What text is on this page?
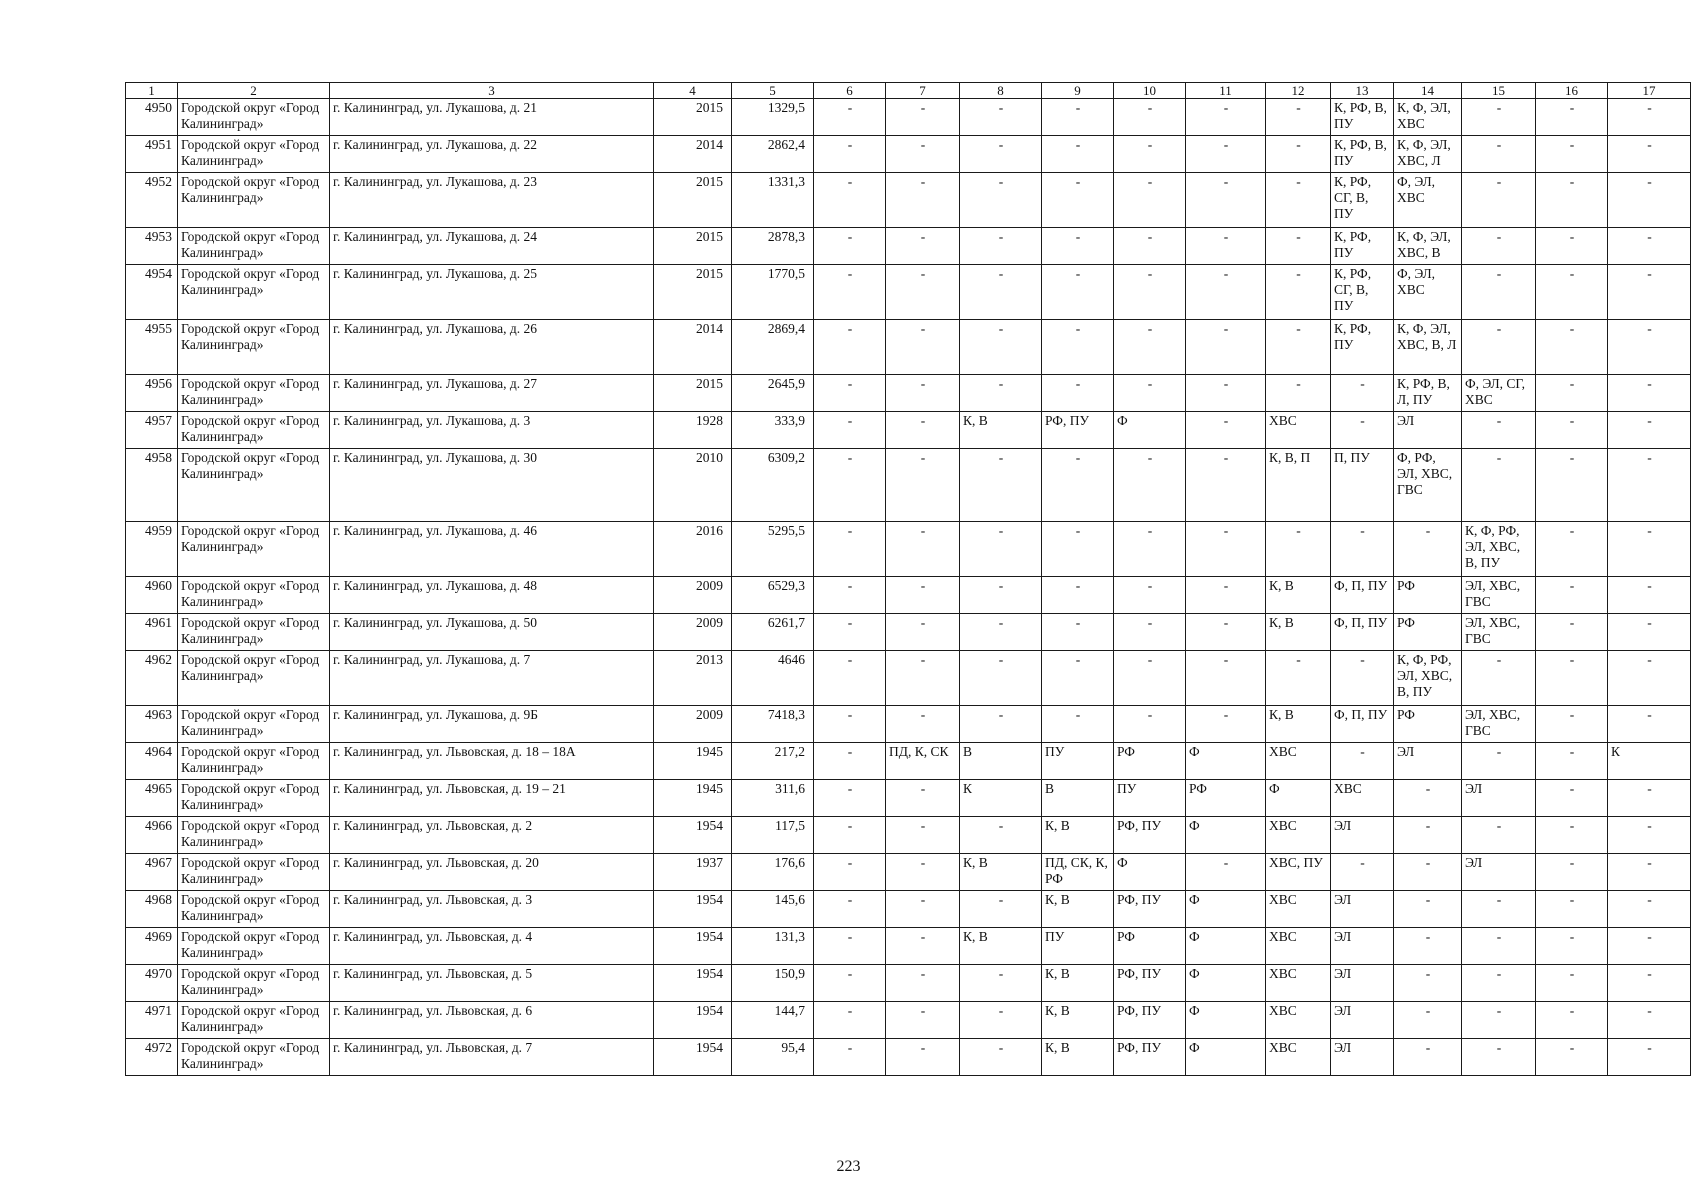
1	2	3	4	5	6	7	8	9	10	11	12	13	14	15	16	17
4950	Городской округ «Город Калининград»	г. Калининград, ул. Лукашова, д. 21	2015	1329,5	-	-	-	-	-	-	-	К, РФ, В, ПУ	К, Ф, ЭЛ, ХВС	-	-	-
4951	Городской округ «Город Калининград»	г. Калининград, ул. Лукашова, д. 22	2014	2862,4	-	-	-	-	-	-	-	К, РФ, В, ПУ	К, Ф, ЭЛ, ХВС, Л	-	-	-
4952	Городской округ «Город Калининград»	г. Калининград, ул. Лукашова, д. 23	2015	1331,3	-	-	-	-	-	-	-	К, РФ, СГ, В, ПУ	Ф, ЭЛ, ХВС	-	-	-
4953	Городской округ «Город Калининград»	г. Калининград, ул. Лукашова, д. 24	2015	2878,3	-	-	-	-	-	-	-	К, РФ, ПУ	К, Ф, ЭЛ, ХВС, В	-	-	-
4954	Городской округ «Город Калининград»	г. Калининград, ул. Лукашова, д. 25	2015	1770,5	-	-	-	-	-	-	-	К, РФ, СГ, В, ПУ	Ф, ЭЛ, ХВС	-	-	-
4955	Городской округ «Город Калининград»	г. Калининград, ул. Лукашова, д. 26	2014	2869,4	-	-	-	-	-	-	-	К, РФ, ПУ	К, Ф, ЭЛ, ХВС, В, Л	-	-	-
4956	Городской округ «Город Калининград»	г. Калининград, ул. Лукашова, д. 27	2015	2645,9	-	-	-	-	-	-	-	-	К, РФ, В, Л, ПУ	Ф, ЭЛ, СГ, ХВС	-	-
4957	Городской округ «Город Калининград»	г. Калининград, ул. Лукашова, д. 3	1928	333,9	-	-	К, В	РФ, ПУ	Ф	-	ХВС	-	ЭЛ	-	-	-
4958	Городской округ «Город Калининград»	г. Калининград, ул. Лукашова, д. 30	2010	6309,2	-	-	-	-	-	-	К, В, П	П, ПУ	Ф, РФ, ЭЛ, ХВС, ГВС	-	-	-
4959	Городской округ «Город Калининград»	г. Калининград, ул. Лукашова, д. 46	2016	5295,5	-	-	-	-	-	-	-	-	-	К, Ф, РФ, ЭЛ, ХВС, В, ПУ	-	-
4960	Городской округ «Город Калининград»	г. Калининград, ул. Лукашова, д. 48	2009	6529,3	-	-	-	-	-	-	К, В	Ф, П, ПУ	РФ	ЭЛ, ХВС, ГВС	-	-
4961	Городской округ «Город Калининград»	г. Калининград, ул. Лукашова, д. 50	2009	6261,7	-	-	-	-	-	-	К, В	Ф, П, ПУ	РФ	ЭЛ, ХВС, ГВС	-	-
4962	Городской округ «Город Калининград»	г. Калининград, ул. Лукашова, д. 7	2013	4646	-	-	-	-	-	-	-	-	К, Ф, РФ, ЭЛ, ХВС, В, ПУ	-	-	-
4963	Городской округ «Город Калининград»	г. Калининград, ул. Лукашова, д. 9Б	2009	7418,3	-	-	-	-	-	-	К, В	Ф, П, ПУ	РФ	ЭЛ, ХВС, ГВС	-	-
4964	Городской округ «Город Калининград»	г. Калининград, ул. Львовская, д. 18 – 18А	1945	217,2	-	ПД, К, СК	В	ПУ	РФ	Ф	ХВС	-	ЭЛ	-	-	К
4965	Городской округ «Город Калининград»	г. Калининград, ул. Львовская, д. 19 – 21	1945	311,6	-	-	К	В	ПУ	РФ	Ф	ХВС	-	ЭЛ	-	-
4966	Городской округ «Город Калининград»	г. Калининград, ул. Львовская, д. 2	1954	117,5	-	-	-	К, В	РФ, ПУ	Ф	ХВС	ЭЛ	-	-	-	-
4967	Городской округ «Город Калининград»	г. Калининград, ул. Львовская, д. 20	1937	176,6	-	-	К, В	ПД, СК, К, РФ	Ф	-	ХВС, ПУ	-	-	ЭЛ	-	-
4968	Городской округ «Город Калининград»	г. Калининград, ул. Львовская, д. 3	1954	145,6	-	-	-	К, В	РФ, ПУ	Ф	ХВС	ЭЛ	-	-	-	-
4969	Городской округ «Город Калининград»	г. Калининград, ул. Львовская, д. 4	1954	131,3	-	-	К, В	ПУ	РФ	Ф	ХВС	ЭЛ	-	-	-	-
4970	Городской округ «Город Калининград»	г. Калининград, ул. Львовская, д. 5	1954	150,9	-	-	-	К, В	РФ, ПУ	Ф	ХВС	ЭЛ	-	-	-	-
4971	Городской округ «Город Калининград»	г. Калининград, ул. Львовская, д. 6	1954	144,7	-	-	-	К, В	РФ, ПУ	Ф	ХВС	ЭЛ	-	-	-	-
4972	Городской округ «Город Калининград»	г. Калининград, ул. Львовская, д. 7	1954	95,4	-	-	-	К, В	РФ, ПУ	Ф	ХВС	ЭЛ	-	-	-	-
223
